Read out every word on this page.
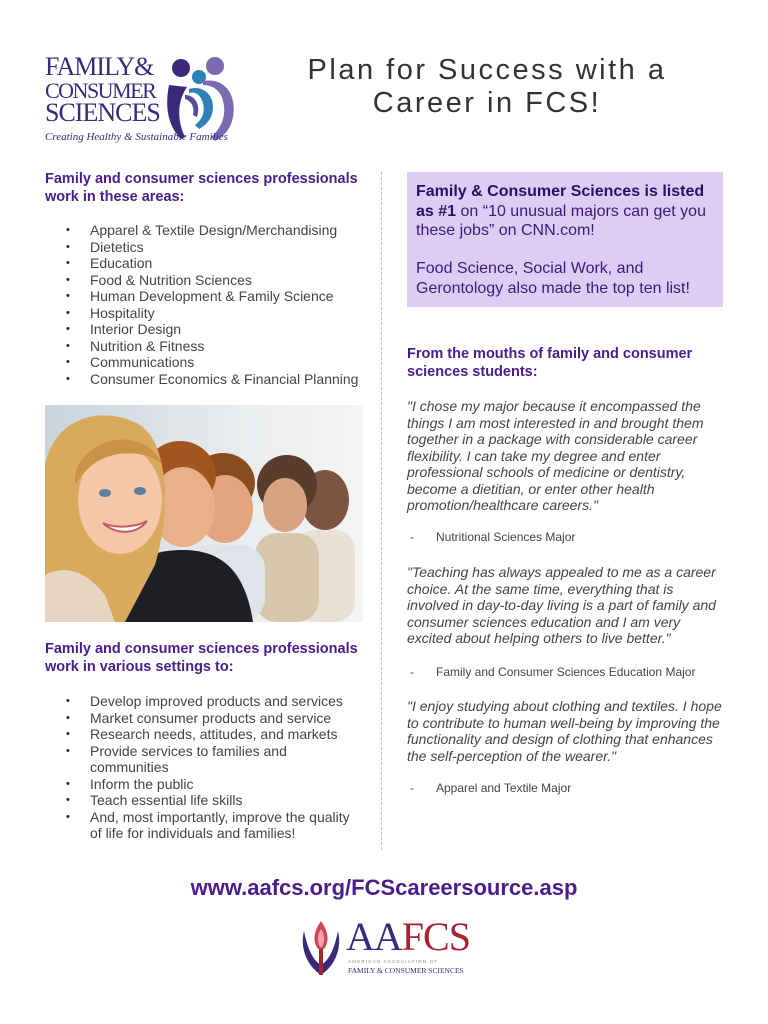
FAMILY&
CONSUMER
SCIENCES
Creating Healthy & Sustainable Families
Plan for Success with a
Career in FCS!
Family and consumer sciences professionals work in these areas:
• Apparel & Textile Design/Merchandising
• Dietetics
• Education
• Food & Nutrition Sciences
• Human Development & Family Science
• Hospitality
• Interior Design
• Nutrition & Fitness
• Communications
• Consumer Economics & Financial Planning
Family and consumer sciences professionals work in various settings to:
• Develop improved products and services
• Market consumer products and service
• Research needs, attitudes, and markets
• Provide services to families and communities
• Inform the public
• Teach essential life skills
• And, most importantly, improve the quality of life for individuals and families!

Family & Consumer Sciences is listed as #1 on “10 unusual majors can get you these jobs” on CNN.com!

Food Science, Social Work, and Gerontology also made the top ten list!

From the mouths of family and consumer sciences students:

"I chose my major because it encompassed the things I am most interested in and brought them together in a package with considerable career flexibility. I can take my degree and enter professional schools of medicine or dentistry, become a dietitian, or enter other health promotion/healthcare careers."

- Nutritional Sciences Major

"Teaching has always appealed to me as a career choice. At the same time, everything that is involved in day-to-day living is a part of family and consumer sciences education and I am very excited about helping others to live better."

- Family and Consumer Sciences Education Major

"I enjoy studying about clothing and textiles. I hope to contribute to human well-being by improving the functionality and design of clothing that enhances the self-perception of the wearer."

- Apparel and Textile Major

www.aafcs.org/FCScareersource.asp

AAFCS
AMERICAN ASSOCIATION OF
FAMILY & CONSUMER SCIENCES
